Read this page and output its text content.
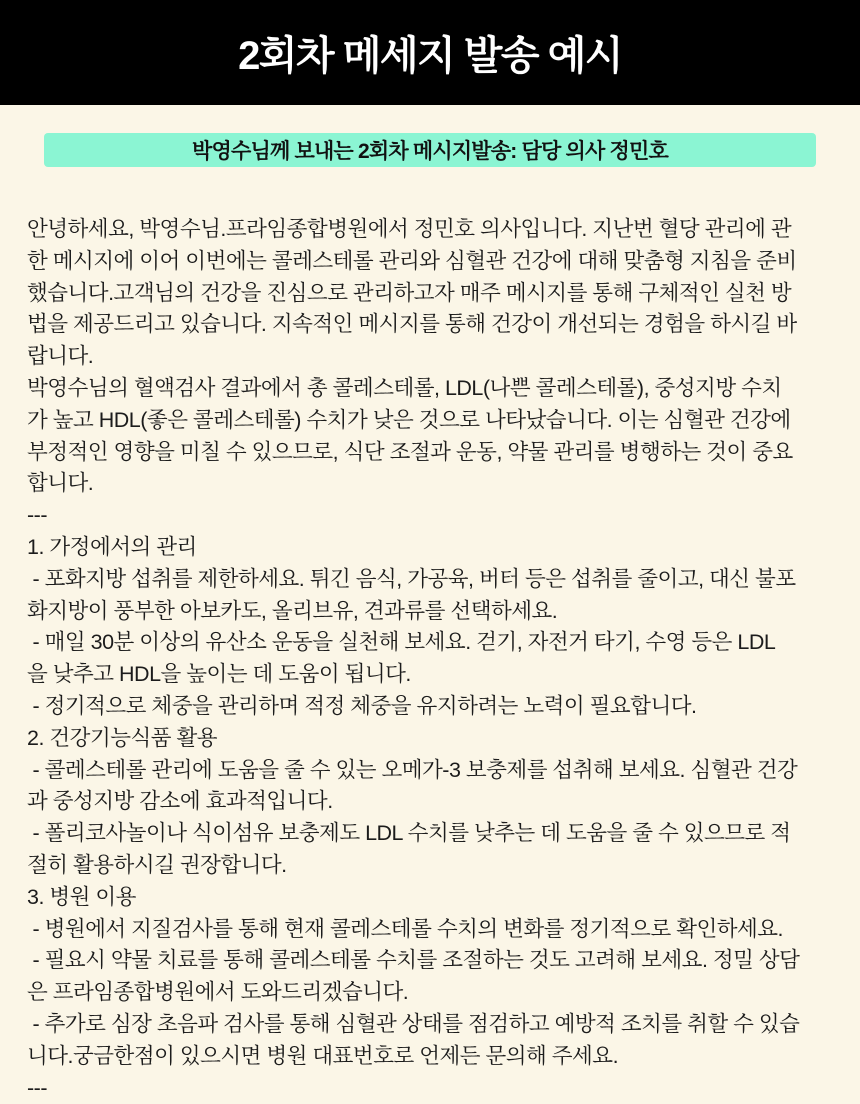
2회차 메세지 발송 예시
박영수님께 보내는 2회차 메시지발송: 담당 의사 정민호
안녕하세요, 박영수님.프라임종합병원에서 정민호 의사입니다. 지난번 혈당 관리에 관
한 메시지에 이어 이번에는 콜레스테롤 관리와 심혈관 건강에 대해 맞춤형 지침을 준비
했습니다.고객님의 건강을 진심으로 관리하고자 매주 메시지를 통해 구체적인 실천 방
법을 제공드리고 있습니다. 지속적인 메시지를 통해 건강이 개선되는 경험을 하시길 바
랍니다.
박영수님의 혈액검사 결과에서 총 콜레스테롤, LDL(나쁜 콜레스테롤), 중성지방 수치
가 높고 HDL(좋은 콜레스테롤) 수치가 낮은 것으로 나타났습니다. 이는 심혈관 건강에
부정적인 영향을 미칠 수 있으므로, 식단 조절과 운동, 약물 관리를 병행하는 것이 중요
합니다.
---
1. 가정에서의 관리
- 포화지방 섭취를 제한하세요. 튀긴 음식, 가공육, 버터 등은 섭취를 줄이고, 대신 불포
화지방이 풍부한 아보카도, 올리브유, 견과류를 선택하세요.
- 매일 30분 이상의 유산소 운동을 실천해 보세요. 걷기, 자전거 타기, 수영 등은 LDL
을 낮추고 HDL을 높이는 데 도움이 됩니다.
- 정기적으로 체중을 관리하며 적정 체중을 유지하려는 노력이 필요합니다.
2. 건강기능식품 활용
- 콜레스테롤 관리에 도움을 줄 수 있는 오메가-3 보충제를 섭취해 보세요. 심혈관 건강
과 중성지방 감소에 효과적입니다.
- 폴리코사놀이나 식이섬유 보충제도 LDL 수치를 낮추는 데 도움을 줄 수 있으므로 적
절히 활용하시길 권장합니다.
3. 병원 이용
- 병원에서 지질검사를 통해 현재 콜레스테롤 수치의 변화를 정기적으로 확인하세요.
- 필요시 약물 치료를 통해 콜레스테롤 수치를 조절하는 것도 고려해 보세요. 정밀 상담
은 프라임종합병원에서 도와드리겠습니다.
- 추가로 심장 초음파 검사를 통해 심혈관 상태를 점검하고 예방적 조치를 취할 수 있습
니다.궁금한점이 있으시면 병원 대표번호로 언제든 문의해 주세요.
---
